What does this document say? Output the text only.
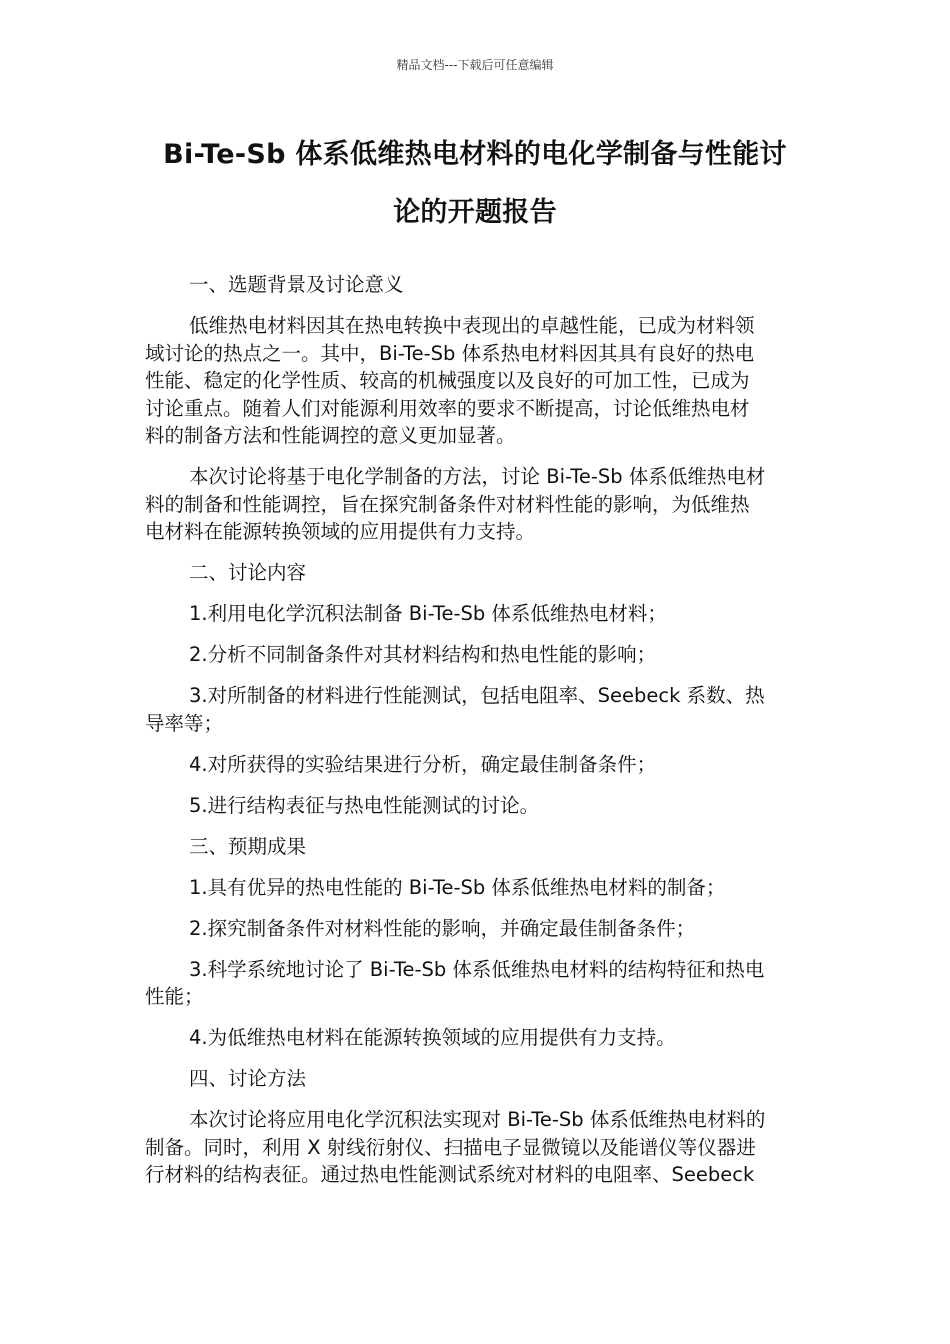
精品文档---下载后可任意编辑
Bi-Te-Sb 体系低维热电材料的电化学制备与性能讨
论的开题报告
一、选题背景及讨论意义
低维热电材料因其在热电转换中表现出的卓越性能，已成为材料领
域讨论的热点之一。其中，Bi-Te-Sb 体系热电材料因其具有良好的热电
性能、稳定的化学性质、较高的机械强度以及良好的可加工性，已成为
讨论重点。随着人们对能源利用效率的要求不断提高，讨论低维热电材
料的制备方法和性能调控的意义更加显著。
本次讨论将基于电化学制备的方法，讨论 Bi-Te-Sb 体系低维热电材
料的制备和性能调控，旨在探究制备条件对材料性能的影响，为低维热
电材料在能源转换领域的应用提供有力支持。
二、讨论内容
1.利用电化学沉积法制备 Bi-Te-Sb 体系低维热电材料；
2.分析不同制备条件对其材料结构和热电性能的影响；
3.对所制备的材料进行性能测试，包括电阻率、Seebeck 系数、热
导率等；
4.对所获得的实验结果进行分析，确定最佳制备条件；
5.进行结构表征与热电性能测试的讨论。
三、预期成果
1.具有优异的热电性能的 Bi-Te-Sb 体系低维热电材料的制备；
2.探究制备条件对材料性能的影响，并确定最佳制备条件；
3.科学系统地讨论了 Bi-Te-Sb 体系低维热电材料的结构特征和热电
性能；
4.为低维热电材料在能源转换领域的应用提供有力支持。
四、讨论方法
本次讨论将应用电化学沉积法实现对 Bi-Te-Sb 体系低维热电材料的
制备。同时，利用 X 射线衍射仪、扫描电子显微镜以及能谱仪等仪器进
行材料的结构表征。通过热电性能测试系统对材料的电阻率、Seebeck
